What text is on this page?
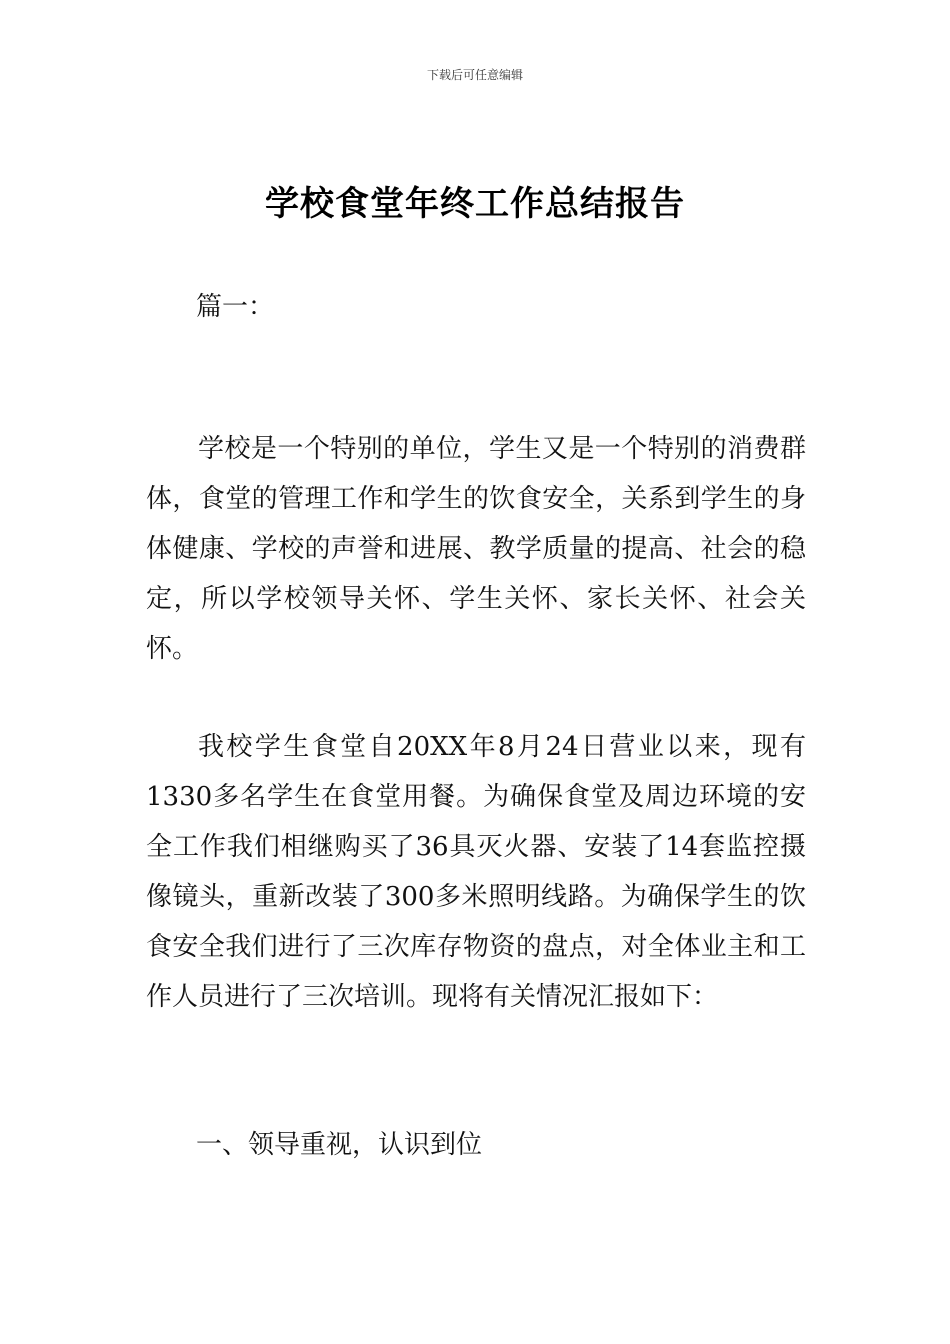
下载后可任意编辑
学校食堂年终工作总结报告
篇一：

学校是一个特别的单位，学生又是一个特别的消费群体，食堂的管理工作和学生的饮食安全，关系到学生的身体健康、学校的声誉和进展、教学质量的提高、社会的稳定，所以学校领导关怀、学生关怀、家长关怀、社会关怀。

我校学生食堂自20XX年8月24日营业以来，现有1330多名学生在食堂用餐。为确保食堂及周边环境的安全工作我们相继购买了36具灭火器、安装了14套监控摄像镜头，重新改装了300多米照明线路。为确保学生的饮食安全我们进行了三次库存物资的盘点，对全体业主和工作人员进行了三次培训。现将有关情况汇报如下：

一、领导重视，认识到位
